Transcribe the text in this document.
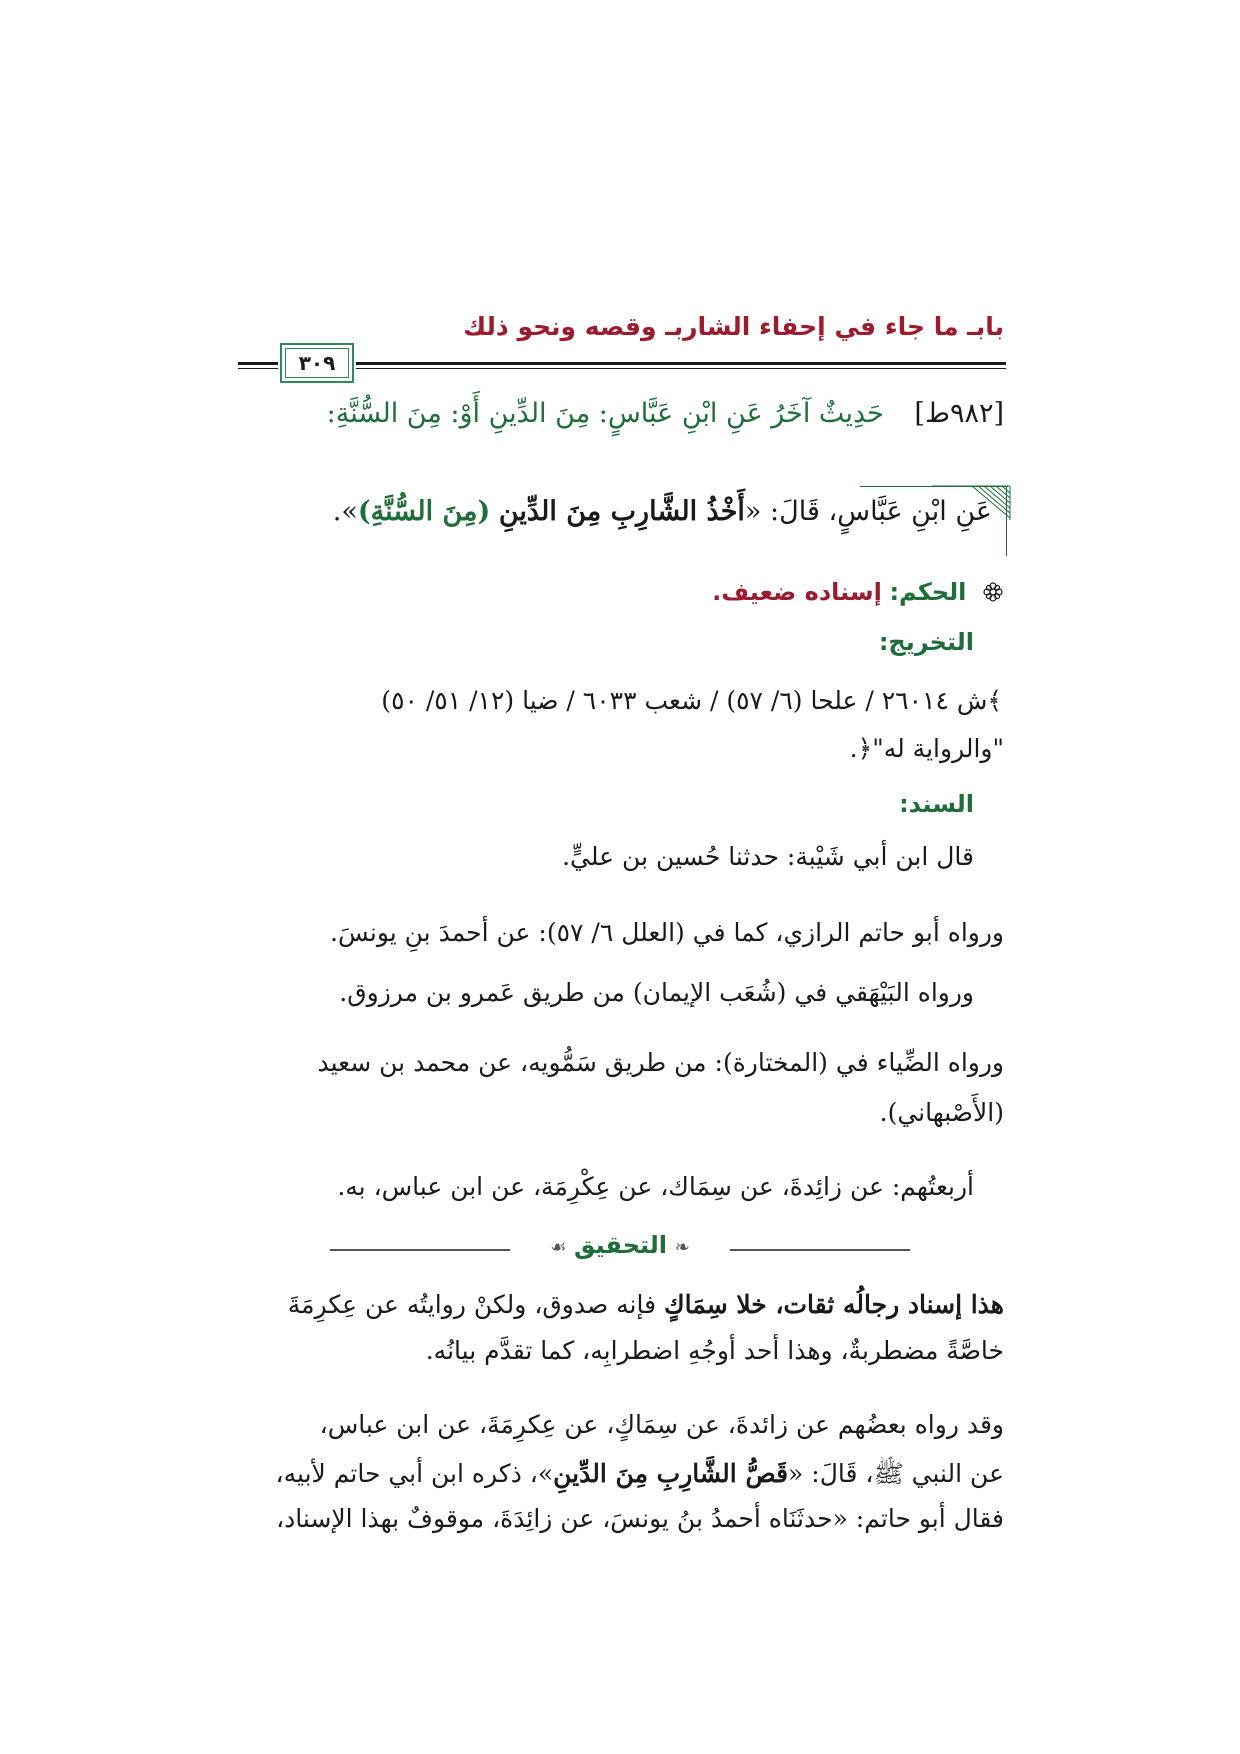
بابـ ما جاء في إحفاء الشاربـ وقصه ونحو ذلك
٣٠٩
[٩٨٢ط] حَدِيثٌ آخَرُ عَنِ ابْنِ عَبَّاسٍ: مِنَ الدِّينِ أَوْ: مِنَ السُّنَّةِ:
عَنِ ابْنِ عَبَّاسٍ، قَالَ: «أَخْذُ الشَّارِبِ مِنَ الدِّينِ (مِنَ السُّنَّةِ)».
الحكم: إسناده ضعيف.
التخريج:
﴾ش ٢٦٠١٤ / علحا (٦/ ٥٧) / شعب ٦٠٣٣ / ضيا (١٢/ ٥١/ ٥٠)
"والرواية له"﴿.
السند:
قال ابن أبي شَيْبة: حدثنا حُسين بن عليٍّ.
ورواه أبو حاتم الرازي، كما في (العلل ٦/ ٥٧): عن أحمدَ بنِ يونسَ.
ورواه البَيْهَقي في (شُعَب الإيمان) من طريق عَمرو بن مرزوق.
ورواه الضِّياء في (المختارة): من طريق سَمُّويه، عن محمد بن سعيد
(الأَصْبهاني).
أربعتُهم: عن زائِدةَ، عن سِمَاك، عن عِكْرِمَة، عن ابن عباس، به.
❧ التحقيق ☙
هذا إسناد رجالُه ثقات، خلا سِمَاكٍ فإنه صدوق، ولكنْ روايتُه عن عِكرِمَةَ
خاصَّةً مضطربةٌ، وهذا أحد أوجُهِ اضطرابِه، كما تقدَّم بيانُه.
وقد رواه بعضُهم عن زائدةَ، عن سِمَاكٍ، عن عِكرِمَةَ، عن ابن عباس،
عن النبي ﷺ، قَالَ: «قَصُّ الشَّارِبِ مِنَ الدِّينِ»، ذكره ابن أبي حاتم لأبيه،
فقال أبو حاتم: «حدثَنَاه أحمدُ بنُ يونسَ، عن زائِدَةَ، موقوفٌ بهذا الإسناد،
